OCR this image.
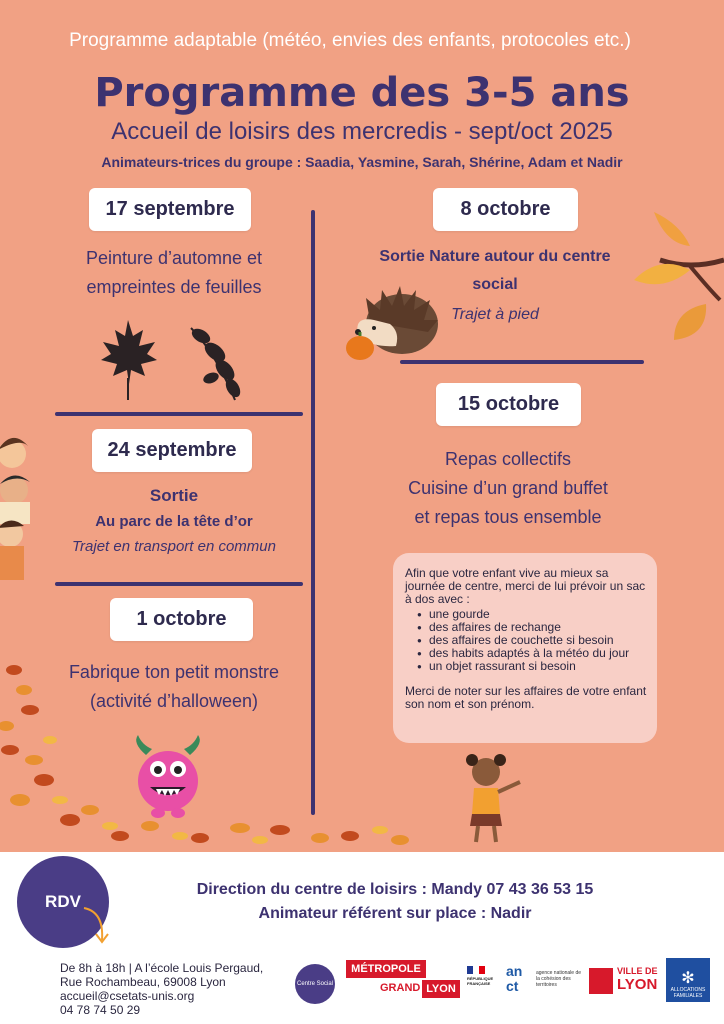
Programme adaptable (météo, envies des enfants, protocoles etc.)
Programme des 3-5 ans
Accueil de loisirs des mercredis - sept/oct 2025
Animateurs-trices du groupe : Saadia, Yasmine, Sarah, Shérine, Adam et Nadir
17 septembre
Peinture d’automne et
empreintes de feuilles
24 septembre
Sortie
Au parc de la tête d’or
Trajet en transport en commun
1 octobre
Fabrique ton petit monstre
(activité d’halloween)
8 octobre
Sortie Nature autour du centre
social
Trajet à pied
15 octobre
Repas collectifs
Cuisine d’un grand buffet
et repas tous ensemble
Afin que votre enfant vive au mieux sa journée de centre, merci de lui prévoir un sac à dos avec :
● une gourde
● des affaires de rechange
● des affaires de couchette si besoin
● des habits adaptés à la météo du jour
● un objet rassurant si besoin
Merci de noter sur les affaires de votre enfant son nom et son prénom.
RDV
Direction du centre de loisirs : Mandy 07 43 36 53 15
Animateur référent sur place : Nadir
De 8h à 18h | A l’école Louis Pergaud,
Rue Rochambeau, 69008 Lyon
accueil@csetats-unis.org
04 78 74 50 29
Centre Social
MÉTROPOLE
GRAND LYON
RÉPUBLIQUE FRANÇAISE
an ct
agence nationale de la cohésion des territoires
VILLE DE
LYON ✻
ALLOCATIONS FAMILIALES
